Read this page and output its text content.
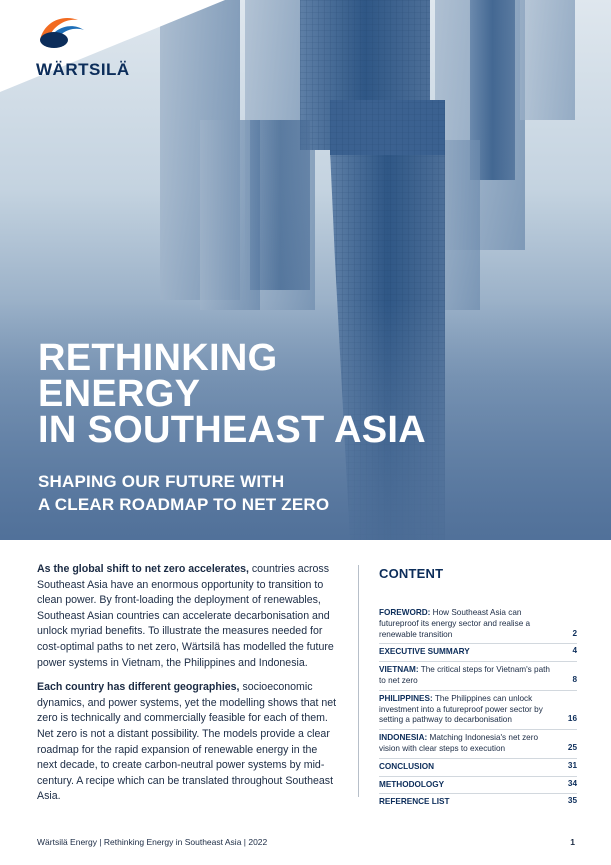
WÄRTSILÄ
RETHINKING
ENERGY
IN SOUTHEAST ASIA
SHAPING OUR FUTURE WITH
A CLEAR ROADMAP TO NET ZERO

As the global shift to net zero accelerates, countries across Southeast Asia have an enormous opportunity to transition to clean power. By front-loading the deployment of renewables, Southeast Asian countries can accelerate decarbonisation and unlock myriad benefits. To illustrate the measures needed for cost-optimal paths to net zero, Wärtsilä has modelled the future power systems in Vietnam, the Philippines and Indonesia.

Each country has different geographies, socioeconomic dynamics, and power systems, yet the modelling shows that net zero is technically and commercially feasible for each of them. Net zero is not a distant possibility. The models provide a clear roadmap for the rapid expansion of renewable energy in the next decade, to create carbon-neutral power systems by mid-century. A recipe which can be translated throughout Southeast Asia.

CONTENT
FOREWORD: How Southeast Asia can futureproof its energy sector and realise a renewable transition	2
EXECUTIVE SUMMARY	4
VIETNAM: The critical steps for Vietnam's path to net zero	8
PHILIPPINES: The Philippines can unlock investment into a futureproof power sector by setting a pathway to decarbonisation	16
INDONESIA: Matching Indonesia's net zero vision with clear steps to execution	25
CONCLUSION	31
METHODOLOGY	34
REFERENCE LIST	35
Wärtsilä Energy | Rethinking Energy in Southeast Asia | 2022	1
